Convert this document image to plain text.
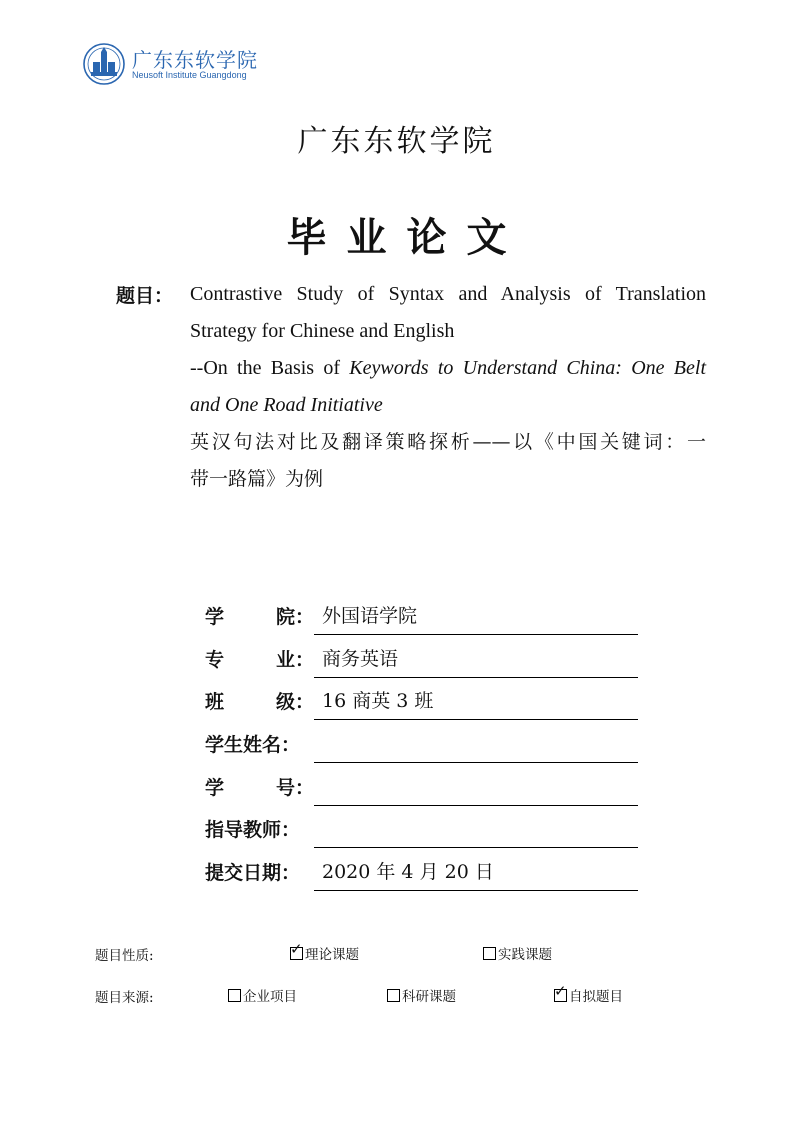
广东东软学院
Neusoft Institute Guangdong
广东东软学院
毕业论文
题目： Contrastive Study of Syntax and Analysis of Translation
Strategy for Chinese and English
--On the Basis of Keywords to Understand China: One Belt
and One Road Initiative
英汉句法对比及翻译策略探析——以《中国关键词：一
带一路篇》为例
学	院： 外国语学院
专	业： 商务英语
班	级： 16 商英 3 班
学生姓名：
学	号：
指导教师：
提交日期：	2020 年 4 月 20 日
题目性质:	✓ 理论课题	实践课题
题目来源:	企业项目	科研课题	✓ 自拟题目
